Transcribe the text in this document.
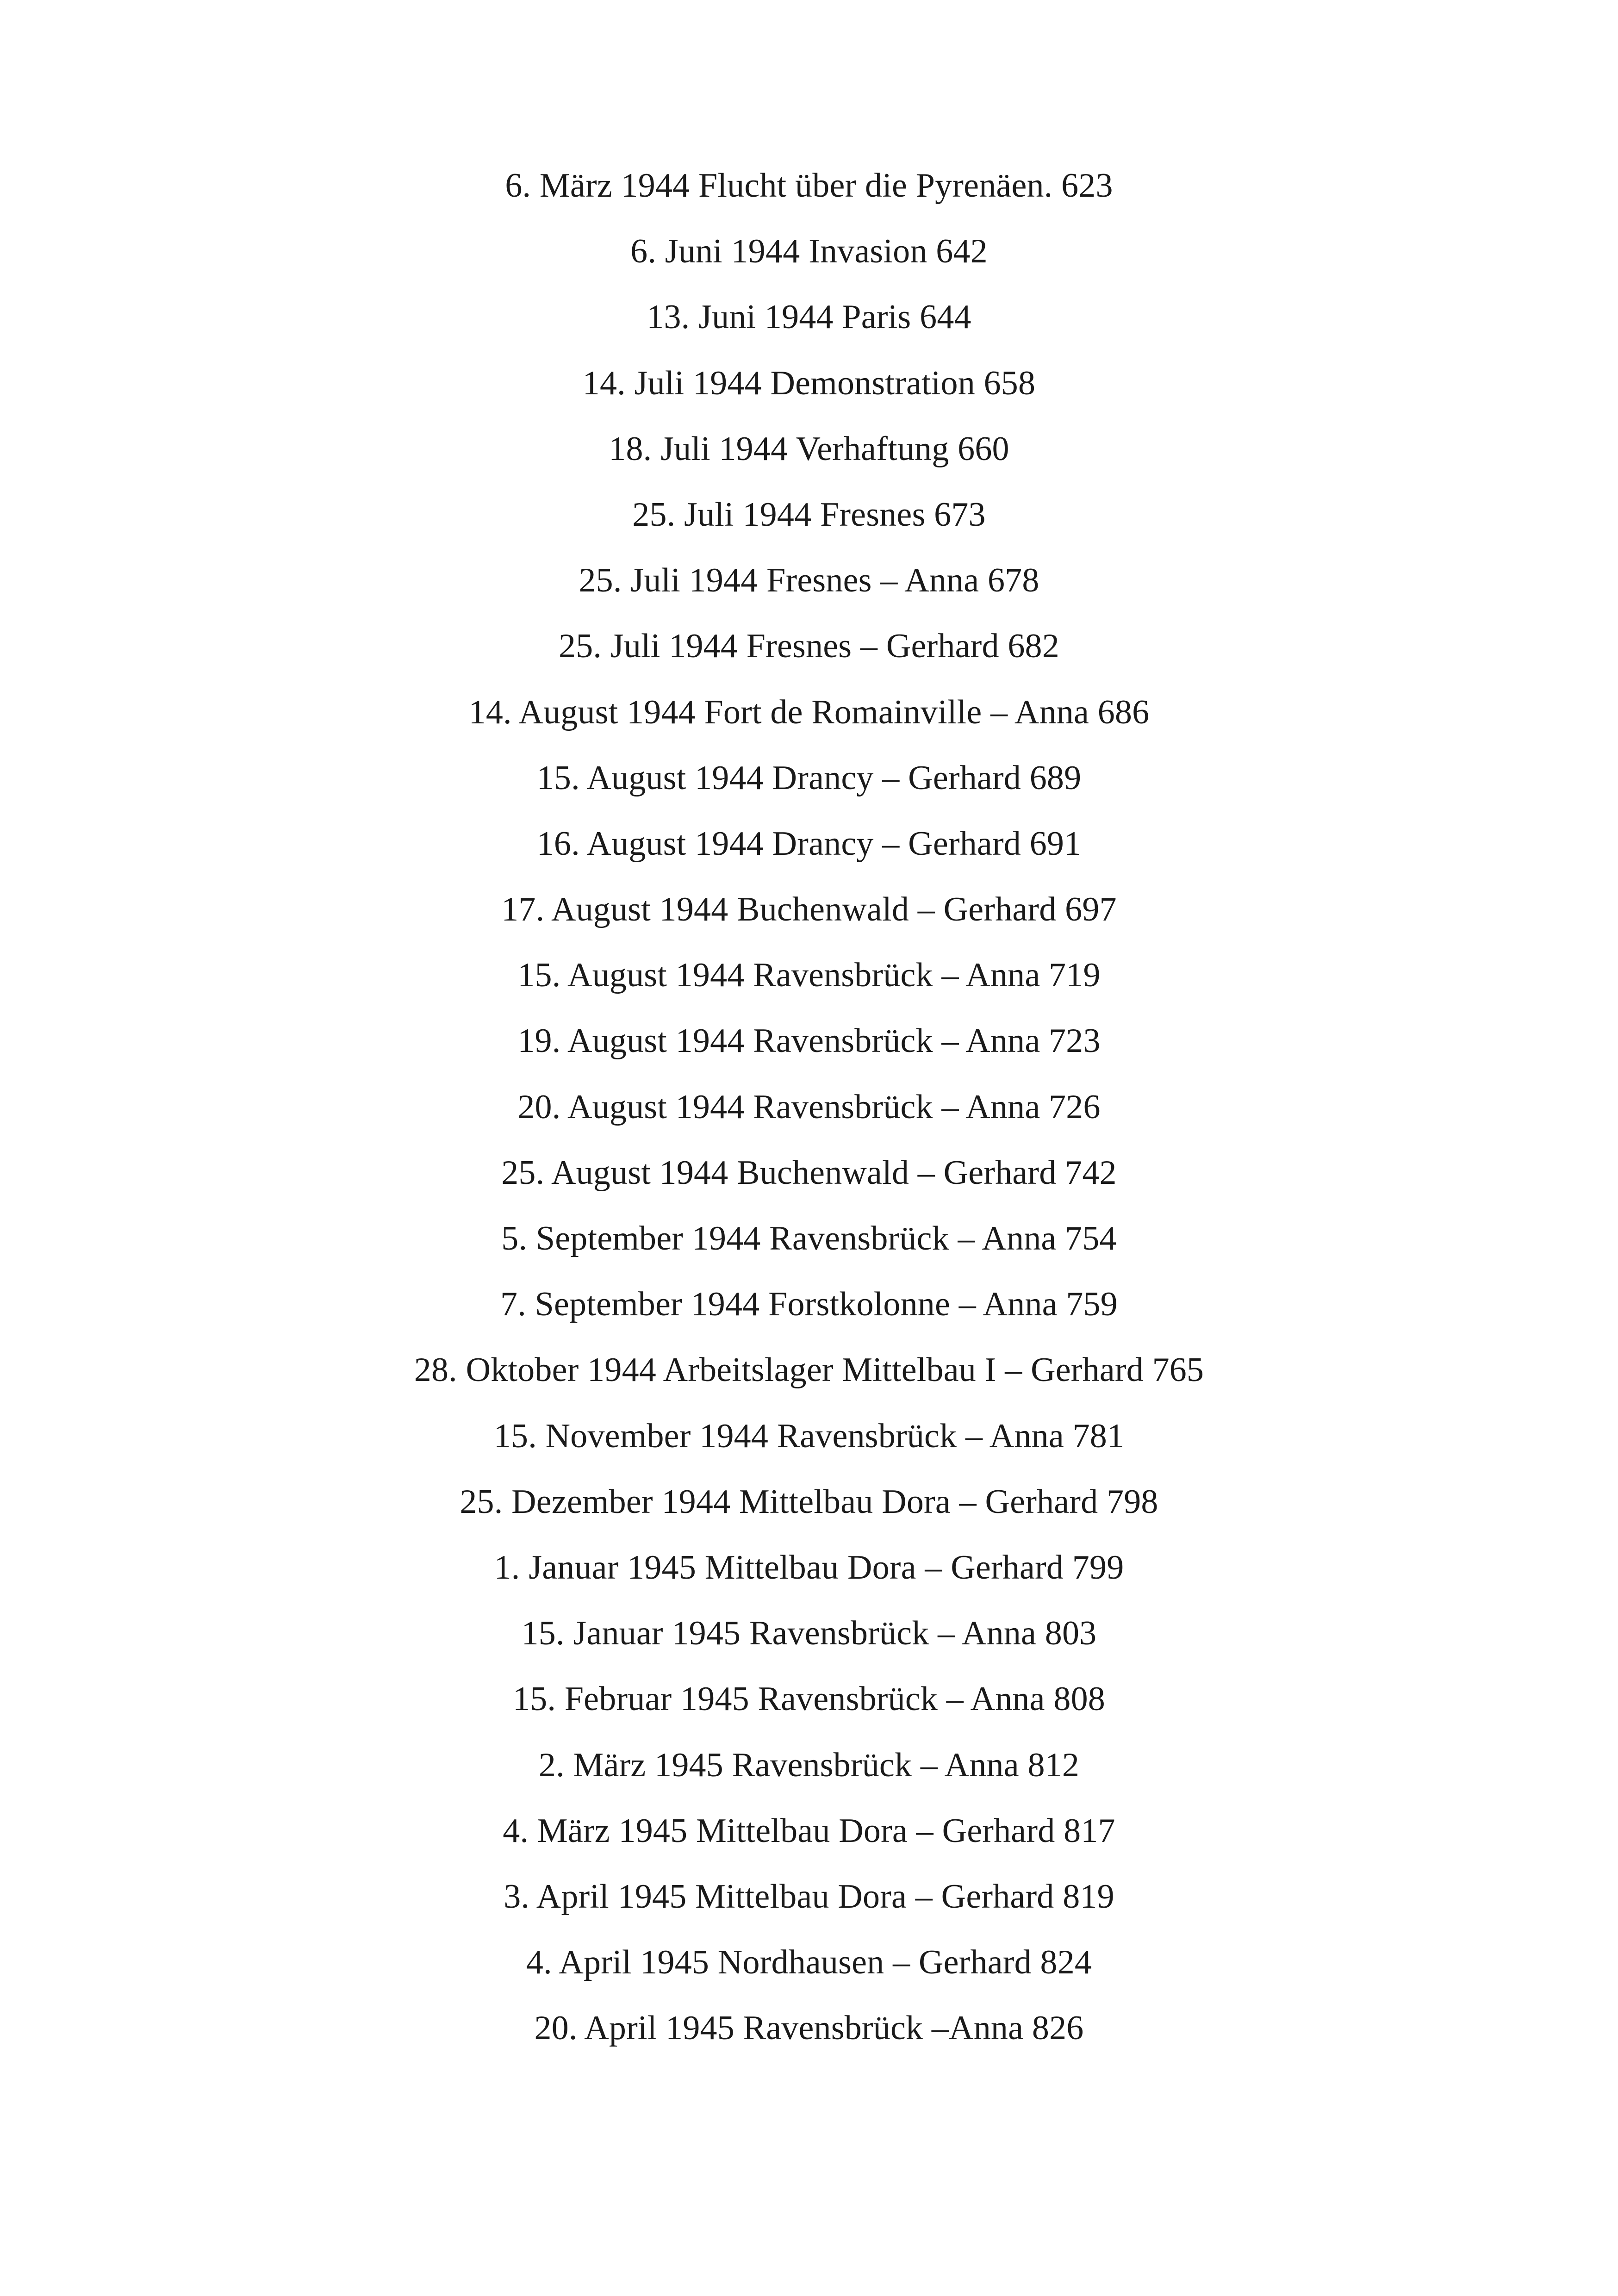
6. März 1944 Flucht über die Pyrenäen. 623
6. Juni 1944 Invasion 642
13. Juni 1944 Paris 644
14. Juli 1944 Demonstration 658
18. Juli 1944 Verhaftung 660
25. Juli 1944 Fresnes 673
25. Juli 1944 Fresnes – Anna 678
25. Juli 1944 Fresnes – Gerhard 682
14. August 1944 Fort de Romainville – Anna 686
15. August 1944 Drancy – Gerhard 689
16. August 1944 Drancy – Gerhard 691
17. August 1944 Buchenwald – Gerhard 697
15. August 1944 Ravensbrück – Anna 719
19. August 1944 Ravensbrück – Anna 723
20. August 1944 Ravensbrück – Anna 726
25. August 1944 Buchenwald – Gerhard 742
5. September 1944 Ravensbrück – Anna 754
7. September 1944 Forstkolonne – Anna 759
28. Oktober 1944 Arbeitslager Mittelbau I – Gerhard 765
15. November 1944 Ravensbrück – Anna 781
25. Dezember 1944 Mittelbau Dora – Gerhard 798
1. Januar 1945 Mittelbau Dora – Gerhard 799
15. Januar 1945 Ravensbrück – Anna 803
15. Februar 1945 Ravensbrück – Anna 808
2. März 1945 Ravensbrück – Anna 812
4. März 1945 Mittelbau Dora – Gerhard 817
3. April 1945 Mittelbau Dora – Gerhard 819
4. April 1945 Nordhausen – Gerhard 824
20. April 1945 Ravensbrück –Anna 826
